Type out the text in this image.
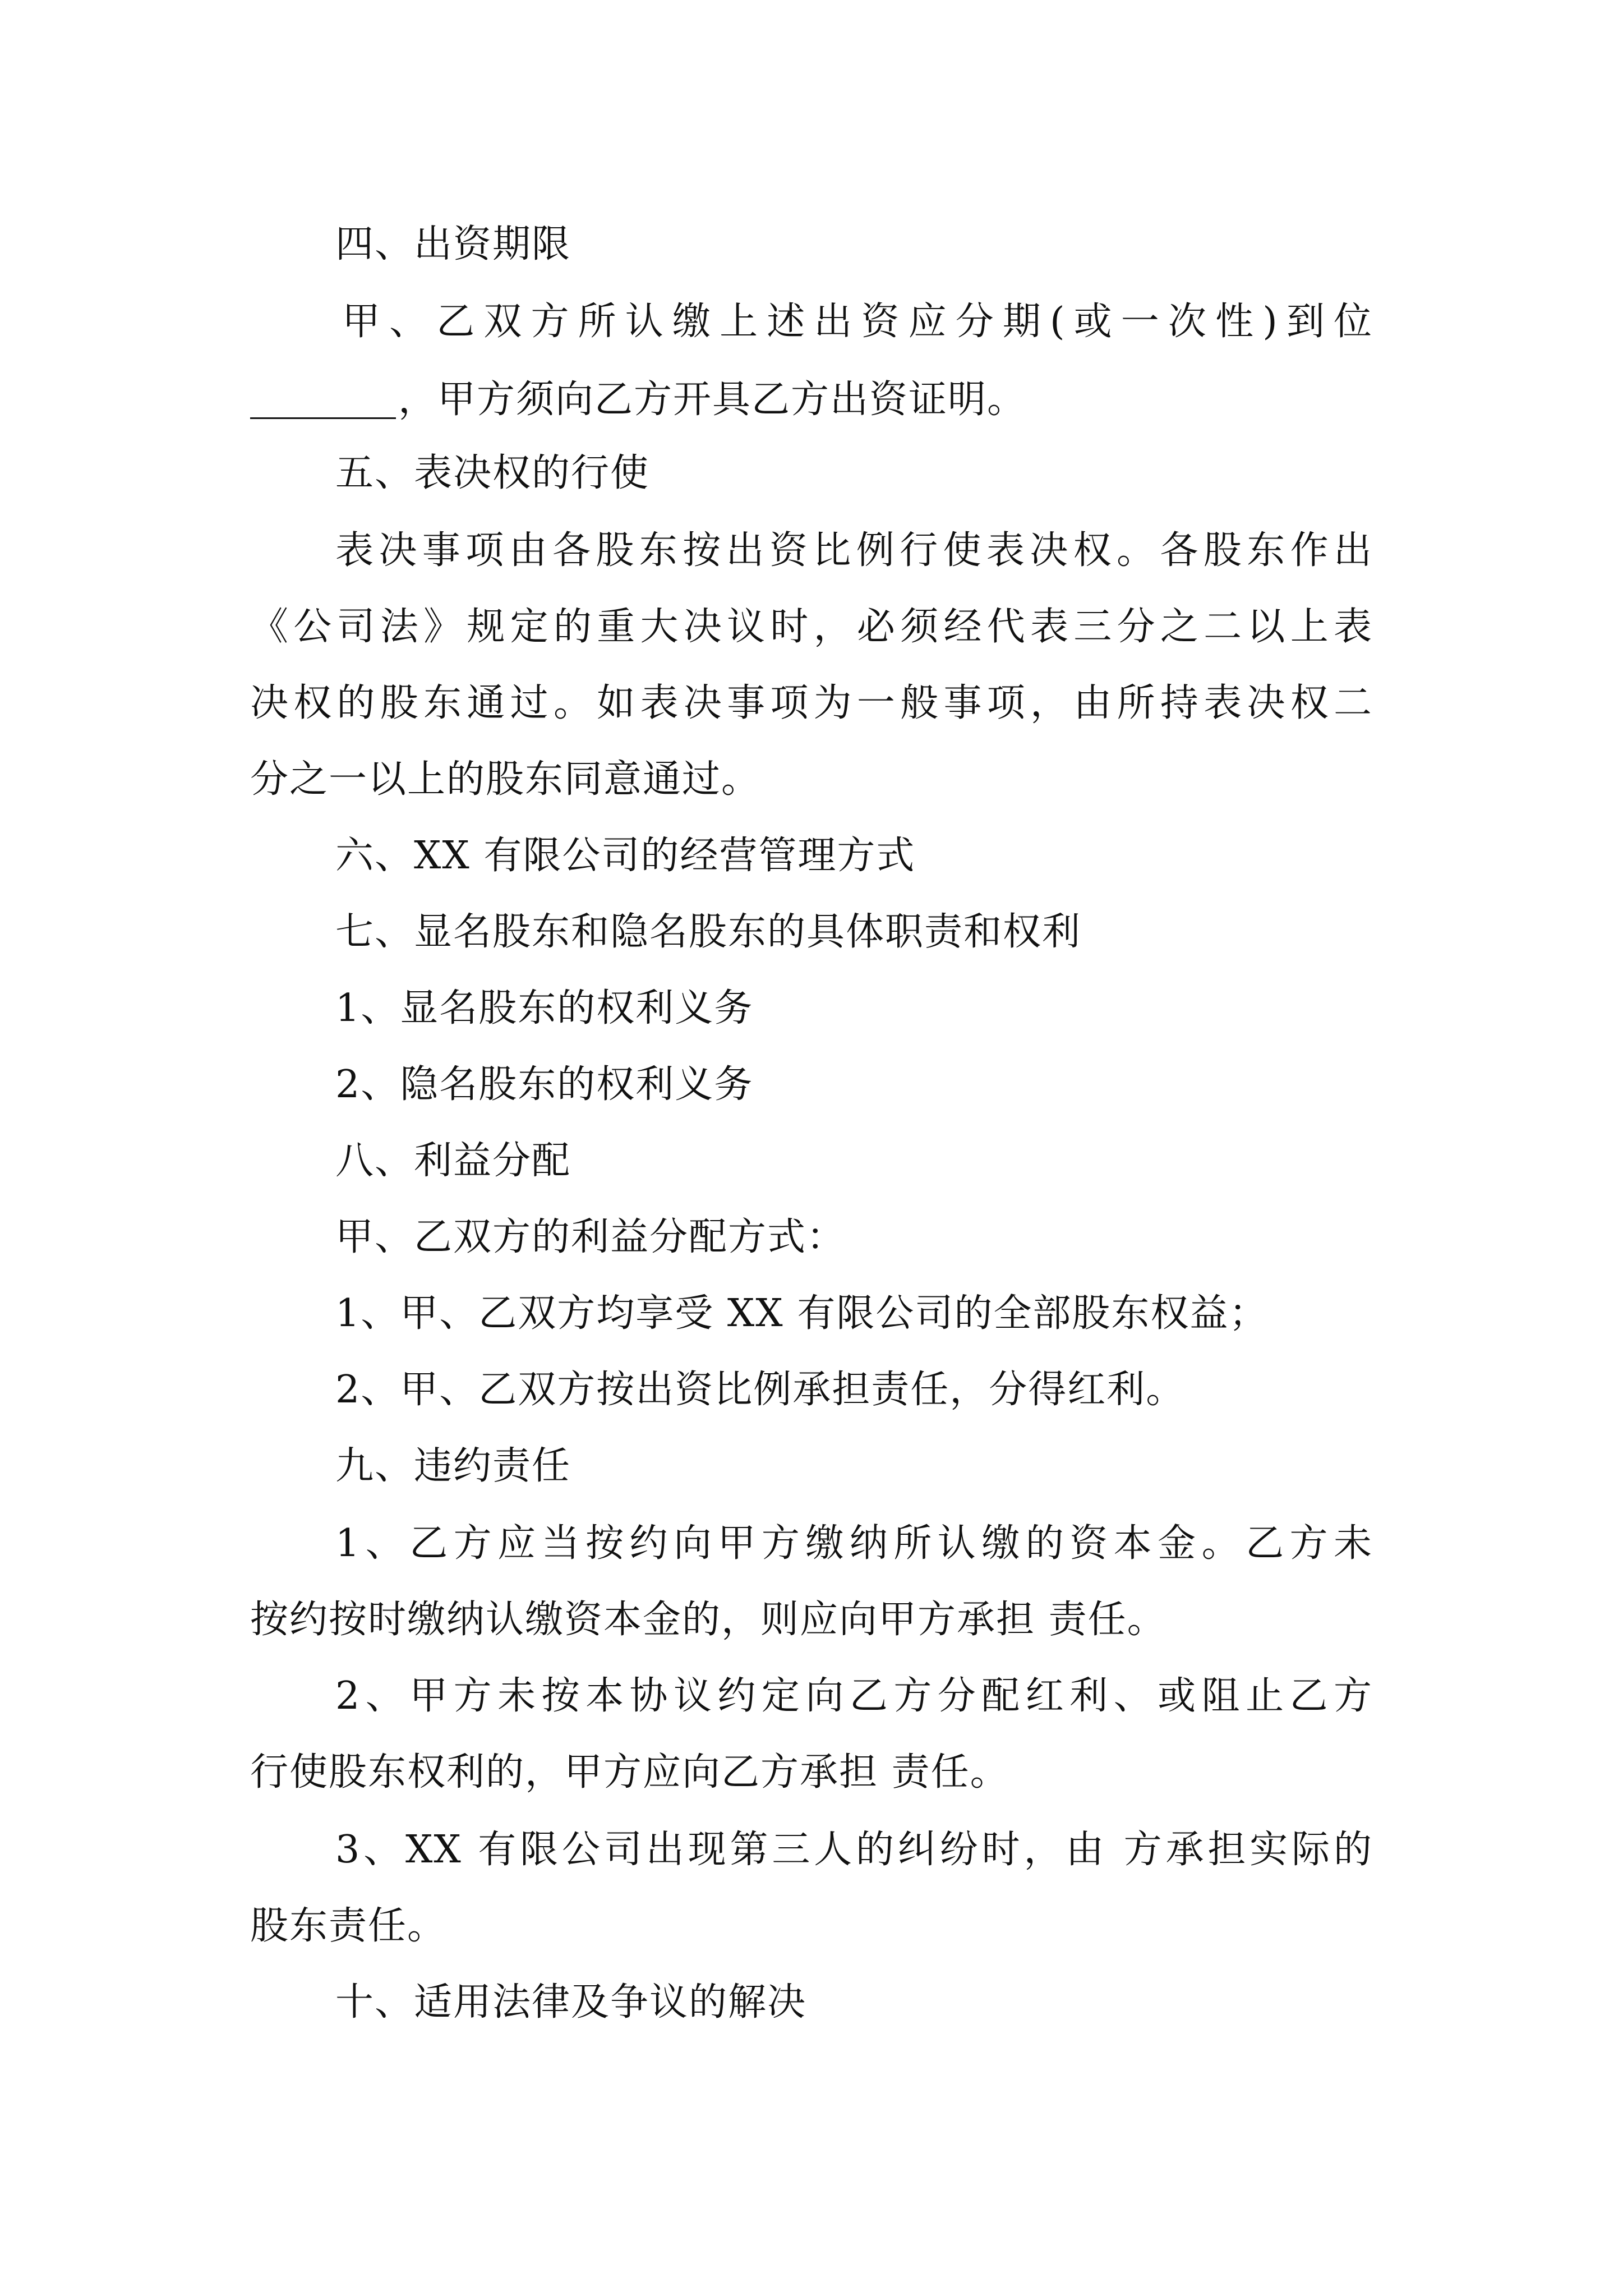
四、出资期限

甲、乙双方所认缴上述出资应分期(或一次性)到位

，甲方须向乙方开具乙方出资证明。

五、表决权的行使

表决事项由各股东按出资比例行使表决权。各股东作出

《公司法》规定的重大决议时，必须经代表三分之二以上表

决权的股东通过。如表决事项为一般事项，由所持表决权二

分之一以上的股东同意通过。

六、XX 有限公司的经营管理方式

七、显名股东和隐名股东的具体职责和权利

1、显名股东的权利义务

2、隐名股东的权利义务

八、利益分配

甲、乙双方的利益分配方式：

1、甲、乙双方均享受 XX 有限公司的全部股东权益；

2、甲、乙双方按出资比例承担责任，分得红利。

九、违约责任

1、乙方应当按约向甲方缴纳所认缴的资本金。乙方未

按约按时缴纳认缴资本金的，则应向甲方承担 责任。

2、甲方未按本协议约定向乙方分配红利、或阻止乙方

行使股东权利的，甲方应向乙方承担 责任。

3、XX 有限公司出现第三人的纠纷时，由 方承担实际的

股东责任。

十、适用法律及争议的解决
